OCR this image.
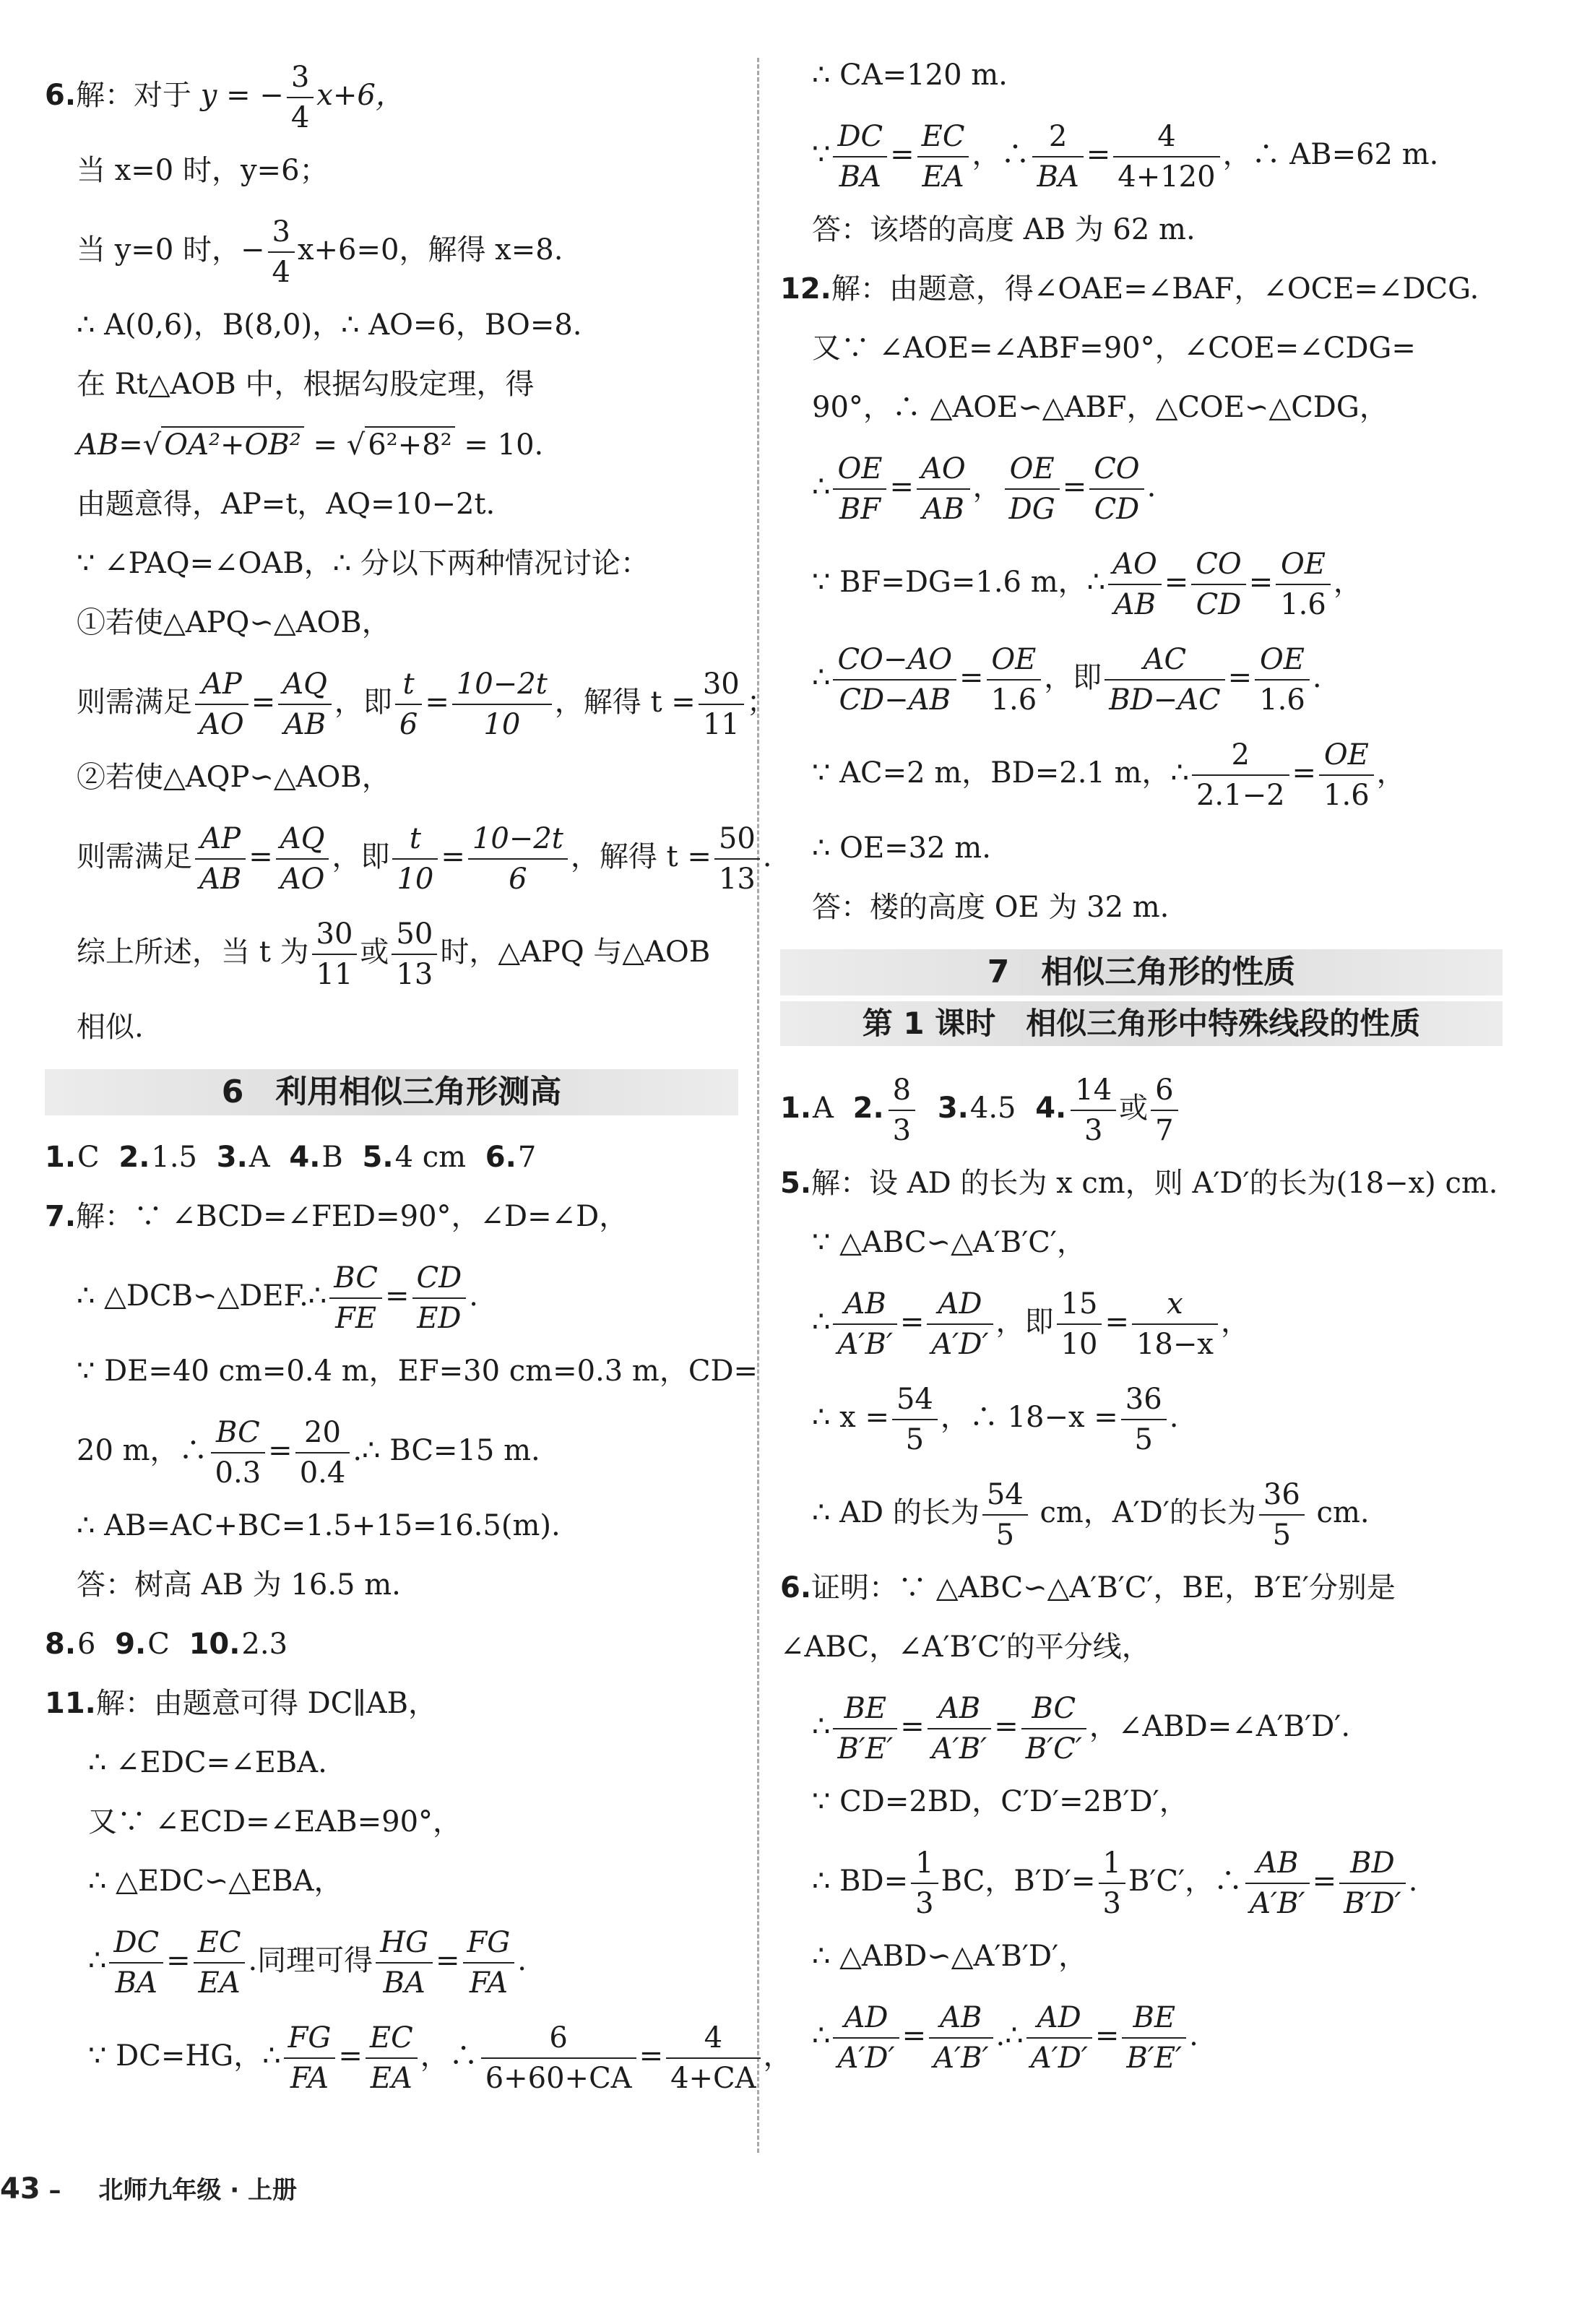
6.解：对于 y = − $\frac{3}{4} x+6$，
当 x=0 时，y=6；
当 y=0 时，− $\frac{3}{4} x+6=0$，解得 x=8.
∴ A(0,6)，B(8,0)，∴ AO=6，BO=8.
在 Rt△AOB 中，根据勾股定理，得
AB=√ OA²+OB² = √ 6²+8² = 10.
由题意得，AP=t，AQ=10−2t.
∵ ∠PAQ=∠OAB，∴ 分以下两种情况讨论：
①若使△APQ∽△AOB，
则需满足 $\frac{AP}{AO} = \frac{AQ}{AB}$ ，即 $\frac{t}{6} = \frac{10-2t}{10}$ ，解得 $t = \frac{30}{11}$ ；
②若使△AQP∽△AOB，
则需满足 $\frac{AP}{AB} = \frac{AQ}{AO}$ ，即 $\frac{t}{10} = \frac{10-2t}{6}$ ，解得 $t = \frac{50}{13}$ .
综上所述，当 t 为 $\frac{30}{11}$ 或 $\frac{50}{13}$ 时，△APQ 与△AOB
相似.
6　利用相似三角形测高
1.C 2.1.5 3.A 4.B 5.4 cm 6.7
7.解：∵ ∠BCD=∠FED=90°，∠D=∠D，
∴ △DCB∽△DEF.∴ $\frac{BC}{FE} = \frac{CD}{ED}$ .
∵ DE=40 cm=0.4 m，EF=30 cm=0.3 m，CD=
20 m，∴ $\frac{BC}{0.3} = \frac{20}{0.4}$ .∴ BC=15 m.
∴ AB=AC+BC=1.5+15=16.5(m).
答：树高 AB 为 16.5 m.
8.6 9.C 10.2.3
11.解：由题意可得 DC∥AB，
∴ ∠EDC=∠EBA.
又∵ ∠ECD=∠EAB=90°，
∴ △EDC∽△EBA，
∴ $\frac{DC}{BA} = \frac{EC}{EA}$ .同理可得 $\frac{HG}{BA} = \frac{FG}{FA}$ .
∵ DC=HG，∴ $\frac{FG}{FA} = \frac{EC}{EA}$ ，∴ $\frac{6}{6+60+CA} = \frac{4}{4+CA}$ ，
∴ CA=120 m.
∵ $\frac{DC}{BA} = \frac{EC}{EA}$ ，∴ $\frac{2}{BA} = \frac{4}{4+120}$ ，∴ AB=62 m.
答：该塔的高度 AB 为 62 m.
12.解：由题意，得∠OAE=∠BAF，∠OCE=∠DCG.
又∵ ∠AOE=∠ABF=90°，∠COE=∠CDG=
90°，∴ △AOE∽△ABF，△COE∽△CDG，
∴ $\frac{OE}{BF} = \frac{AO}{AB}$ ， $\frac{OE}{DG} = \frac{CO}{CD}$ .
∵ BF=DG=1.6 m，∴ $\frac{AO}{AB} = \frac{CO}{CD} = \frac{OE}{1.6}$ ，
∴ $\frac{CO-AO}{CD-AB} = \frac{OE}{1.6}$ ，即 $\frac{AC}{BD-AC} = \frac{OE}{1.6}$ .
∵ AC=2 m，BD=2.1 m，∴ $\frac{2}{2.1-2} = \frac{OE}{1.6}$ ，
∴ OE=32 m.
答：楼的高度 OE 为 32 m.
7　相似三角形的性质
第 1 课时　相似三角形中特殊线段的性质
1.A 2. $\frac{8}{3} 3.4.5$ 4. $\frac{14}{3}$ 或 $\frac{6}{7}$
5.解：设 AD 的长为 x cm，则 A′D′的长为(18−x) cm.
∵ △ABC∽△A′B′C′，
∴ $\frac{AB}{A'B'} = \frac{AD}{A'D'}$ ，即 $\frac{15}{10} = \frac{x}{18-x}$ ，
∴ $x = \frac{54}{5}$ ，∴ $18-x = \frac{36}{5}$ .
∴ AD 的长为 $\frac{54}{5}$ cm，A′D′的长为 $\frac{36}{5}$ cm.
6.证明：∵ △ABC∽△A′B′C′，BE，B′E′分别是
∠ABC，∠A′B′C′的平分线，
∴ $\frac{BE}{B'E'} = \frac{AB}{A'B'} = \frac{BC}{B'C'}$ ，∠ABD=∠A′B′D′.
∵ CD=2BD，C′D′=2B′D′，
∴ $BD= \frac{1}{3}$ BC，$B'D'= \frac{1}{3} B'C'$，∴ $\frac{AB}{A'B'} = \frac{BD}{B'D'}$ .
∴ △ABD∽△A′B′D′，
∴ $\frac{AD}{A'D'} = \frac{AB}{A'B'}$ .∴ $\frac{AD}{A'D'} = \frac{BE}{B'E'}$ .
43 – 北师九年级 · 上册
